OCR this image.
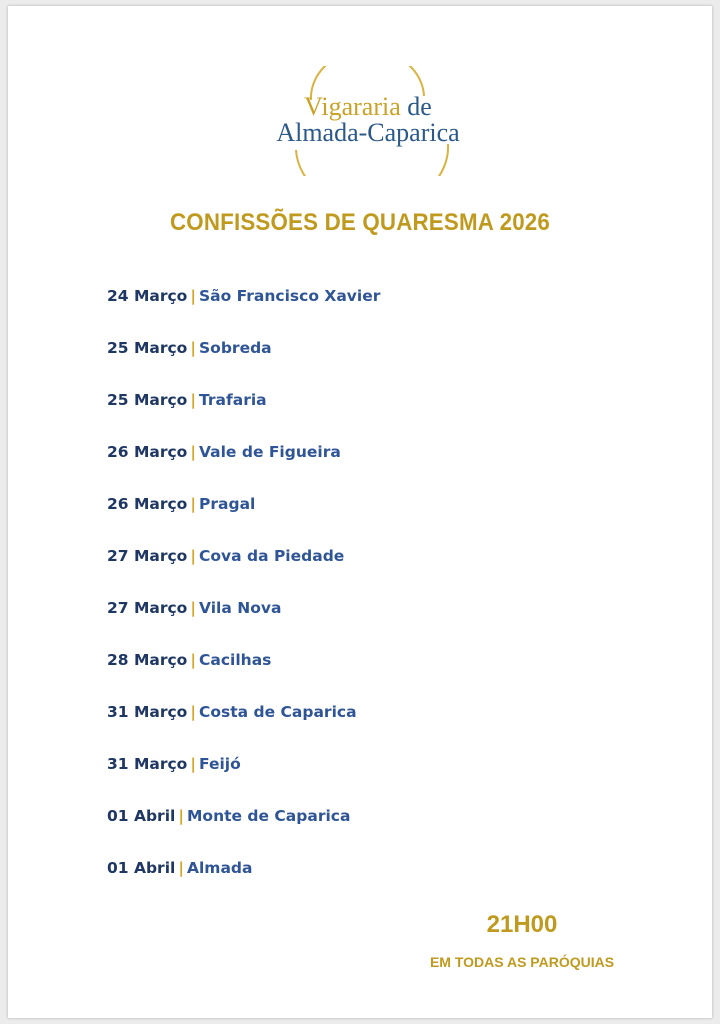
Vigararia de
Almada-Caparica
CONFISSÕES DE QUARESMA 2026
24 Março | São Francisco Xavier
25 Março | Sobreda
25 Março | Trafaria
26 Março | Vale de Figueira
26 Março | Pragal
27 Março | Cova da Piedade
27 Março | Vila Nova
28 Março | Cacilhas
31 Março | Costa de Caparica
31 Março | Feijó
01 Abril | Monte de Caparica
01 Abril | Almada
21H00
EM TODAS AS PARÓQUIAS
